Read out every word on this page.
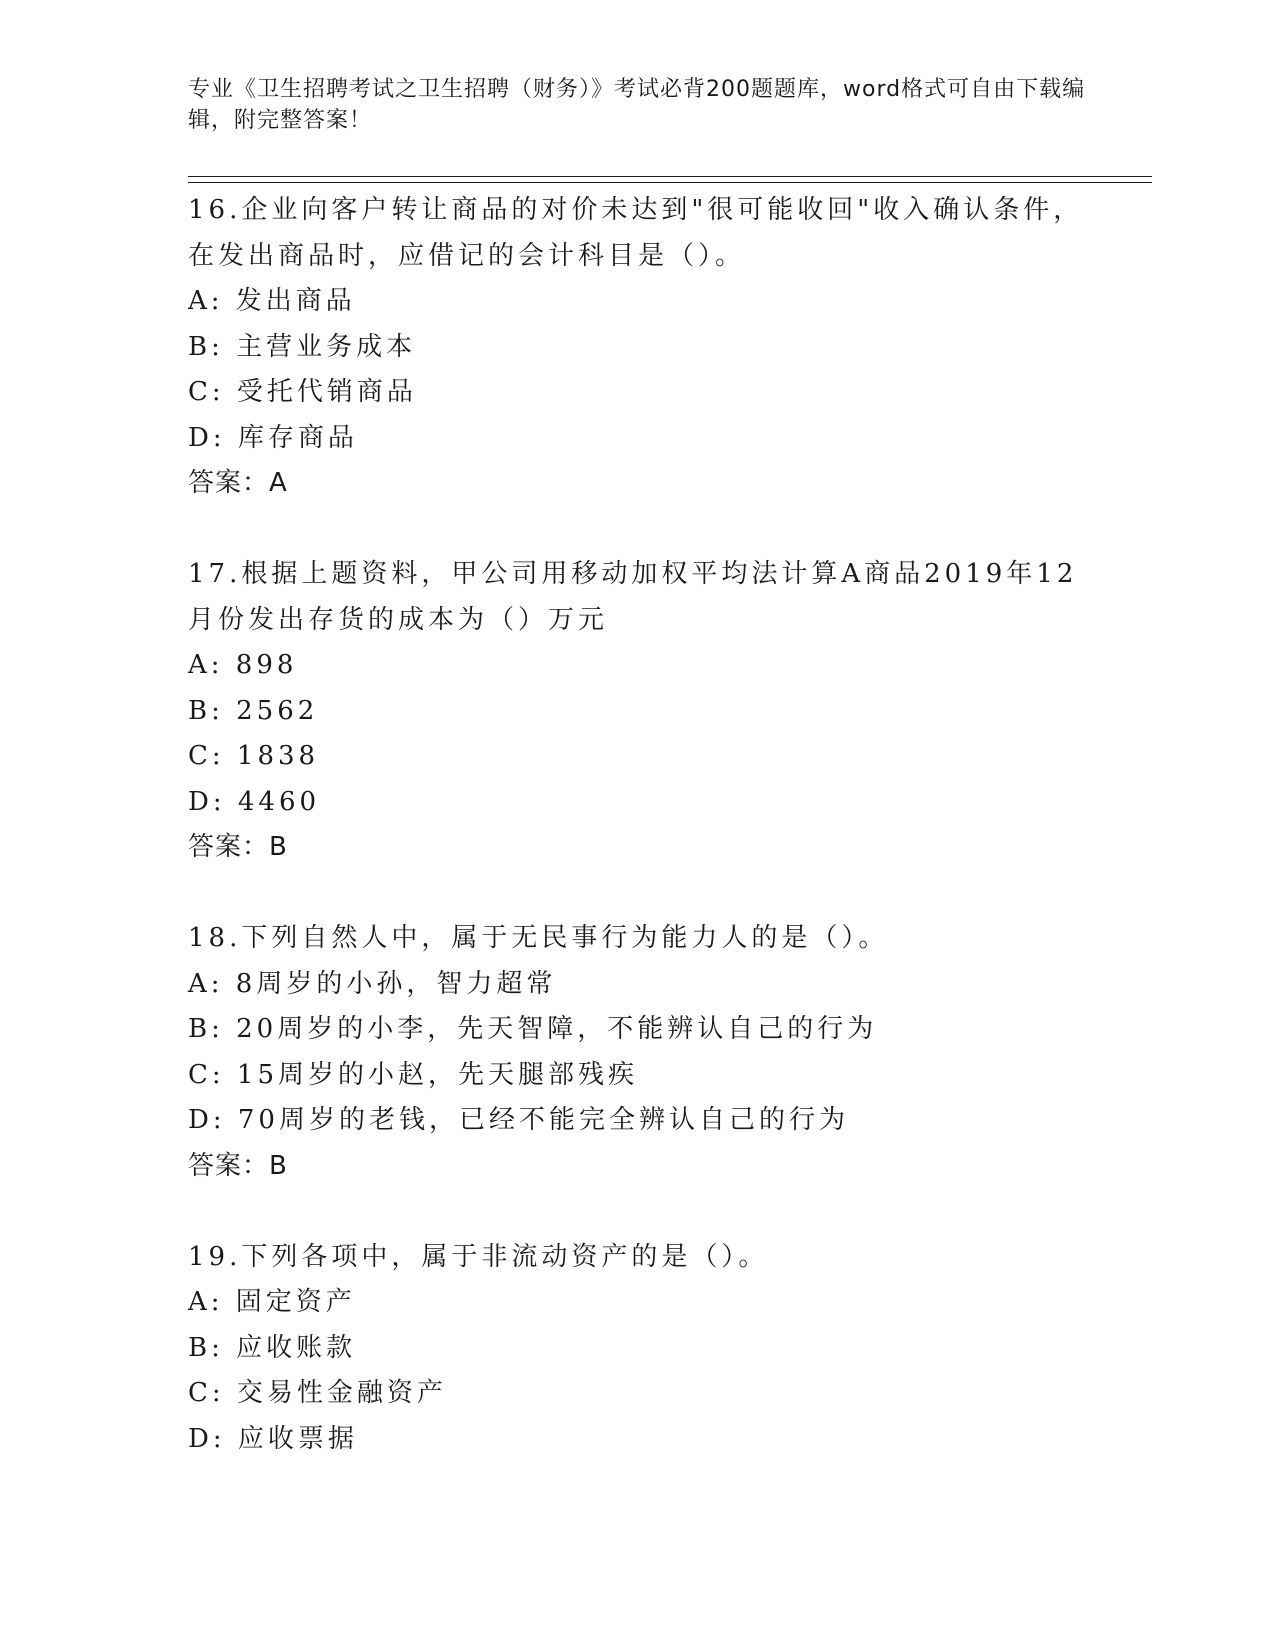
专业《卫生招聘考试之卫生招聘（财务）》考试必背200题题库，word格式可自由下载编辑，附完整答案！
16.企业向客户转让商品的对价未达到"很可能收回"收入确认条件，在发出商品时，应借记的会计科目是（）。
A: 发出商品
B: 主营业务成本
C: 受托代销商品
D: 库存商品
答案：A
17.根据上题资料，甲公司用移动加权平均法计算A商品2019年12月份发出存货的成本为（）万元
A: 898
B: 2562
C: 1838
D: 4460
答案：B
18.下列自然人中，属于无民事行为能力人的是（）。
A: 8周岁的小孙，智力超常
B: 20周岁的小李，先天智障，不能辨认自己的行为
C: 15周岁的小赵，先天腿部残疾
D: 70周岁的老钱，已经不能完全辨认自己的行为
答案：B
19.下列各项中，属于非流动资产的是（）。
A: 固定资产
B: 应收账款
C: 交易性金融资产
D: 应收票据
